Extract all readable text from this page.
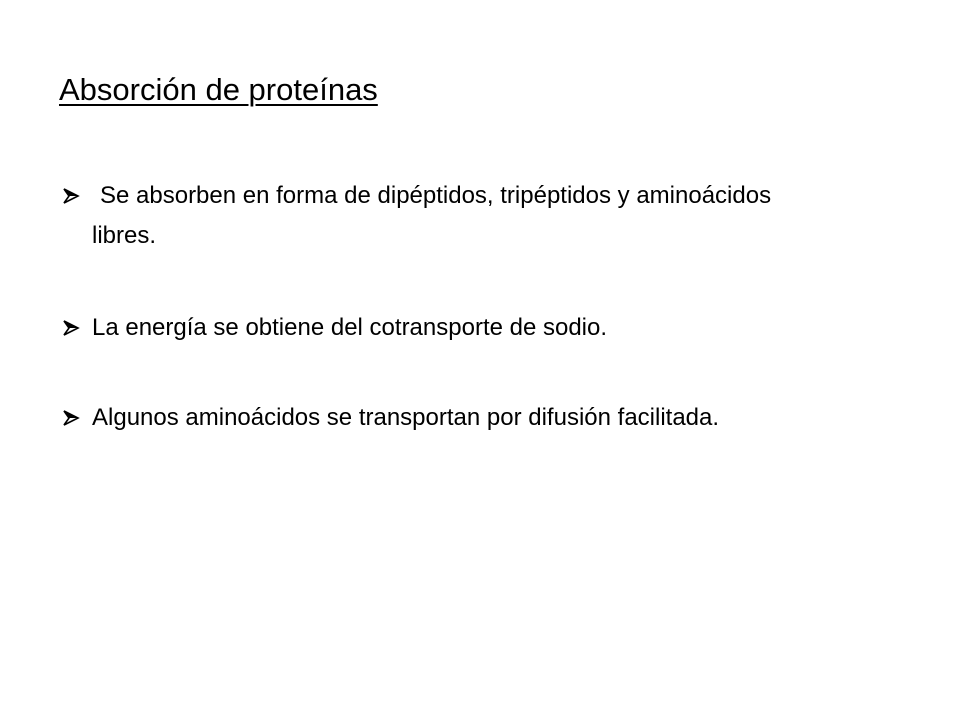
Absorción de proteínas
Se absorben en forma de dipéptidos, tripéptidos y aminoácidos libres.
La energía se obtiene del cotransporte de sodio.
Algunos aminoácidos se transportan por difusión facilitada.
